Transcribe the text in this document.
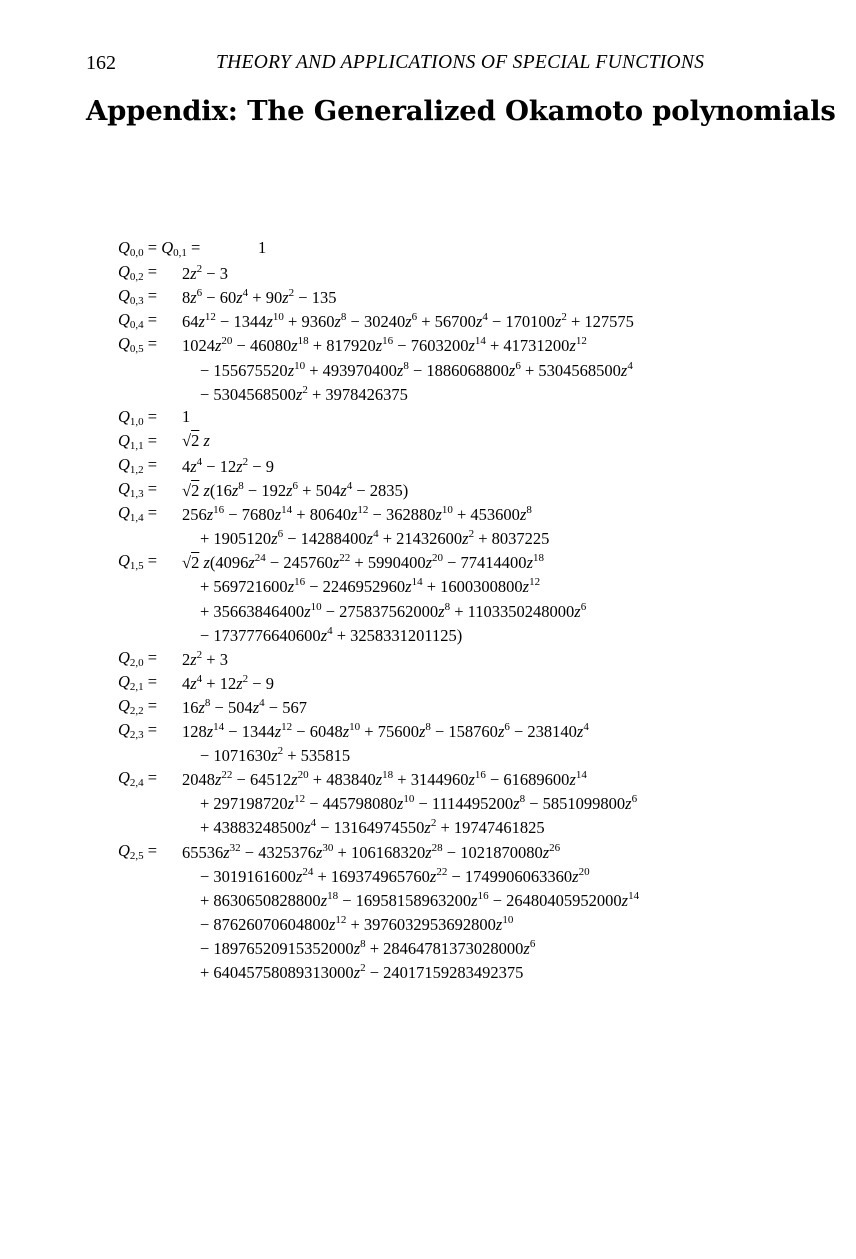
162	THEORY AND APPLICATIONS OF SPECIAL FUNCTIONS
Appendix: The Generalized Okamoto polynomials
$Q_{0,0} = Q_{0,1}$ =	1
$Q_{0,2} = 2z^2 - 3$
$Q_{0,3} = 8z^6 - 60z^4 + 90z^2 - 135$
$Q_{0,4} = 64z^{12} - 1344z^{10} + 9360z^8 - 30240z^6 + 56700z^4 - 170100z^2 + 127575$
$Q_{0,5} = 1024z^{20} - 46080z^{18} + 817920z^{16} - 7603200z^{14} + 41731200z^{12}$
− $155675520z^{10} + 493970400z^8 - 1886068800z^6 + 5304568500z^4$
− $5304568500z^2 + 3978426375$
$Q_{1,0} = 1$
$Q_{1,1} = √2$ z
$Q_{1,2} = 4z^4 - 12z^2 - 9$
$Q_{1,3} = √2$ $z(16z^8 - 192z^6 + 504z^4 - 2835)$
$Q_{1,4} = 256z^{16} - 7680z^{14} + 80640z^{12} - 362880z^{10} + 453600z^8$
+ $1905120z^6 - 14288400z^4 + 21432600z^2 + 8037225$
$Q_{1,5} = √2$ $z(4096z^{24} - 245760z^{22} + 5990400z^{20} - 77414400z^{18}$
+ $569721600z^{16} - 2246952960z^{14} + 1600300800z^{12}$
+ $35663846400z^{10} - 275837562000z^8 + 1103350248000z^6$
− $1737776640600z^4 + 3258331201125$)
$Q_{2,0} = 2z^2 + 3$
$Q_{2,1} = 4z^4 + 12z^2 - 9$
$Q_{2,2} = 16z^8 - 504z^4 - 567$
$Q_{2,3} = 128z^{14} - 1344z^{12} - 6048z^{10} + 75600z^8 - 158760z^6 - 238140z^4$
− $1071630z^2 + 535815$
$Q_{2,4} = 2048z^{22} - 64512z^{20} + 483840z^{18} + 3144960z^{16} - 61689600z^{14}$
+ $297198720z^{12} - 445798080z^{10} - 1114495200z^8 - 5851099800z^6$
+ $43883248500z^4 - 13164974550z^2 + 19747461825$
$Q_{2,5} = 65536z^{32} - 4325376z^{30} + 106168320z^{28} - 1021870080z^{26}$
− $3019161600z^{24} + 169374965760z^{22} - 1749906063360z^{20}$
+ $8630650828800z^{18} - 16958158963200z^{16} - 26480405952000z^{14}$
− $87626070604800z^{12} + 3976032953692800z^{10}$
− $18976520915352000z^8 + 28464781373028000z^6$
+ $64045758089313000z^2 - 24017159283492375$
